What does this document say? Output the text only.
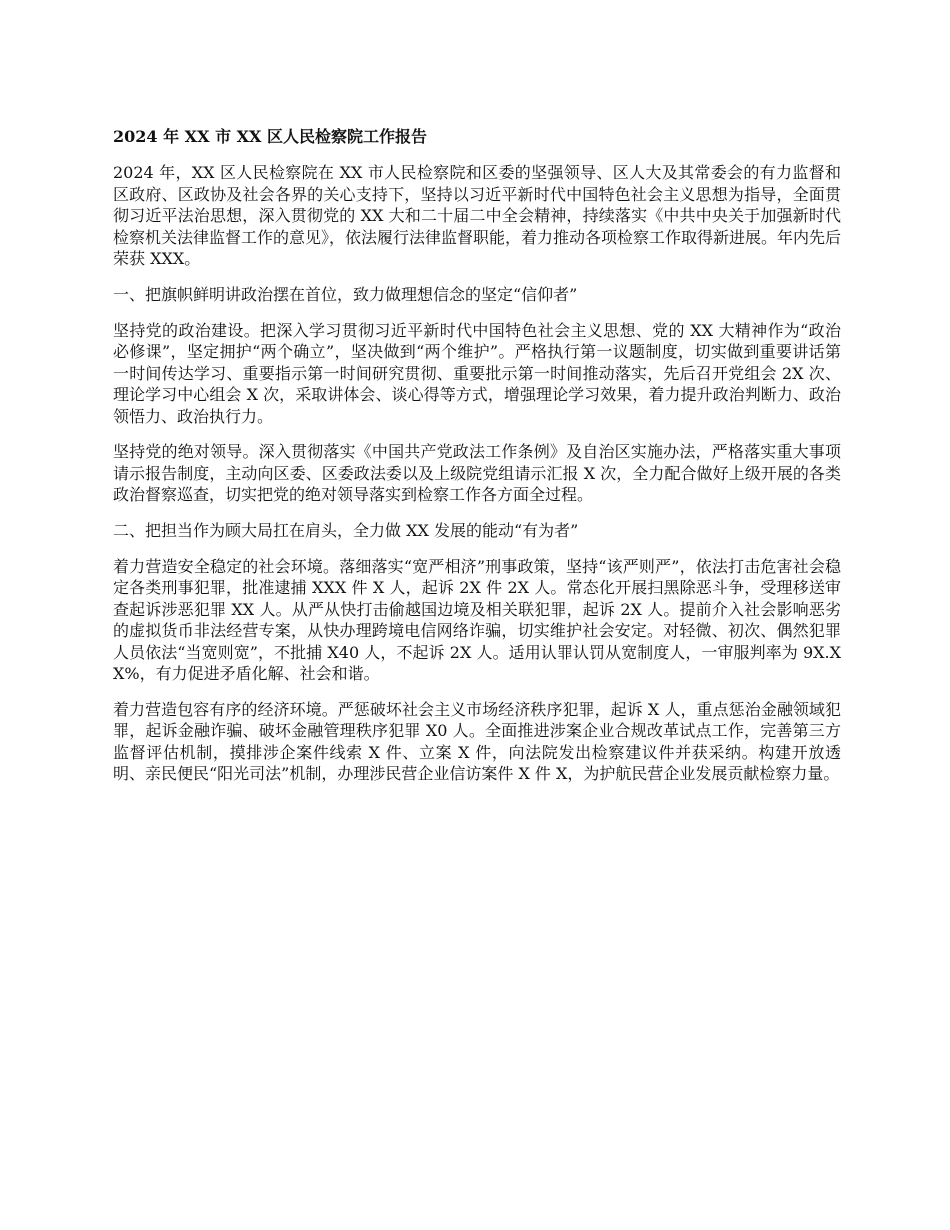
2024 年 XX 市 XX 区人民检察院工作报告

2024 年，XX 区人民检察院在 XX 市人民检察院和区委的坚强领导、区人大及其常委会的有力监督和区政府、区政协及社会各界的关心支持下，坚持以习近平新时代中国特色社会主义思想为指导，全面贯彻习近平法治思想，深入贯彻党的 XX 大和二十届二中全会精神，持续落实《中共中央关于加强新时代检察机关法律监督工作的意见》，依法履行法律监督职能，着力推动各项检察工作取得新进展。年内先后荣获 XXX。

一、把旗帜鲜明讲政治摆在首位，致力做理想信念的坚定“信仰者”

坚持党的政治建设。把深入学习贯彻习近平新时代中国特色社会主义思想、党的 XX 大精神作为“政治必修课”，坚定拥护“两个确立”，坚决做到“两个维护”。严格执行第一议题制度，切实做到重要讲话第一时间传达学习、重要指示第一时间研究贯彻、重要批示第一时间推动落实，先后召开党组会 2X 次、理论学习中心组会 X 次，采取讲体会、谈心得等方式，增强理论学习效果，着力提升政治判断力、政治领悟力、政治执行力。

坚持党的绝对领导。深入贯彻落实《中国共产党政法工作条例》及自治区实施办法，严格落实重大事项请示报告制度，主动向区委、区委政法委以及上级院党组请示汇报 X 次，全力配合做好上级开展的各类政治督察巡查，切实把党的绝对领导落实到检察工作各方面全过程。

二、把担当作为顾大局扛在肩头，全力做 XX 发展的能动“有为者”

着力营造安全稳定的社会环境。落细落实“宽严相济”刑事政策，坚持“该严则严”，依法打击危害社会稳定各类刑事犯罪，批准逮捕 XXX 件 X 人，起诉 2X 件 2X 人。常态化开展扫黑除恶斗争，受理移送审查起诉涉恶犯罪 XX 人。从严从快打击偷越国边境及相关联犯罪，起诉 2X 人。提前介入社会影响恶劣的虚拟货币非法经营专案，从快办理跨境电信网络诈骗，切实维护社会安定。对轻微、初次、偶然犯罪人员依法“当宽则宽”，不批捕 X40 人，不起诉 2X 人。适用认罪认罚从宽制度人，一审服判率为 9X.XX%，有力促进矛盾化解、社会和谐。

着力营造包容有序的经济环境。严惩破坏社会主义市场经济秩序犯罪，起诉 X 人，重点惩治金融领域犯罪，起诉金融诈骗、破坏金融管理秩序犯罪 X0 人。全面推进涉案企业合规改革试点工作，完善第三方监督评估机制，摸排涉企案件线索 X 件、立案 X 件，向法院发出检察建议件并获采纳。构建开放透明、亲民便民“阳光司法”机制，办理涉民营企业信访案件 X 件 X，为护航民营企业发展贡献检察力量。
